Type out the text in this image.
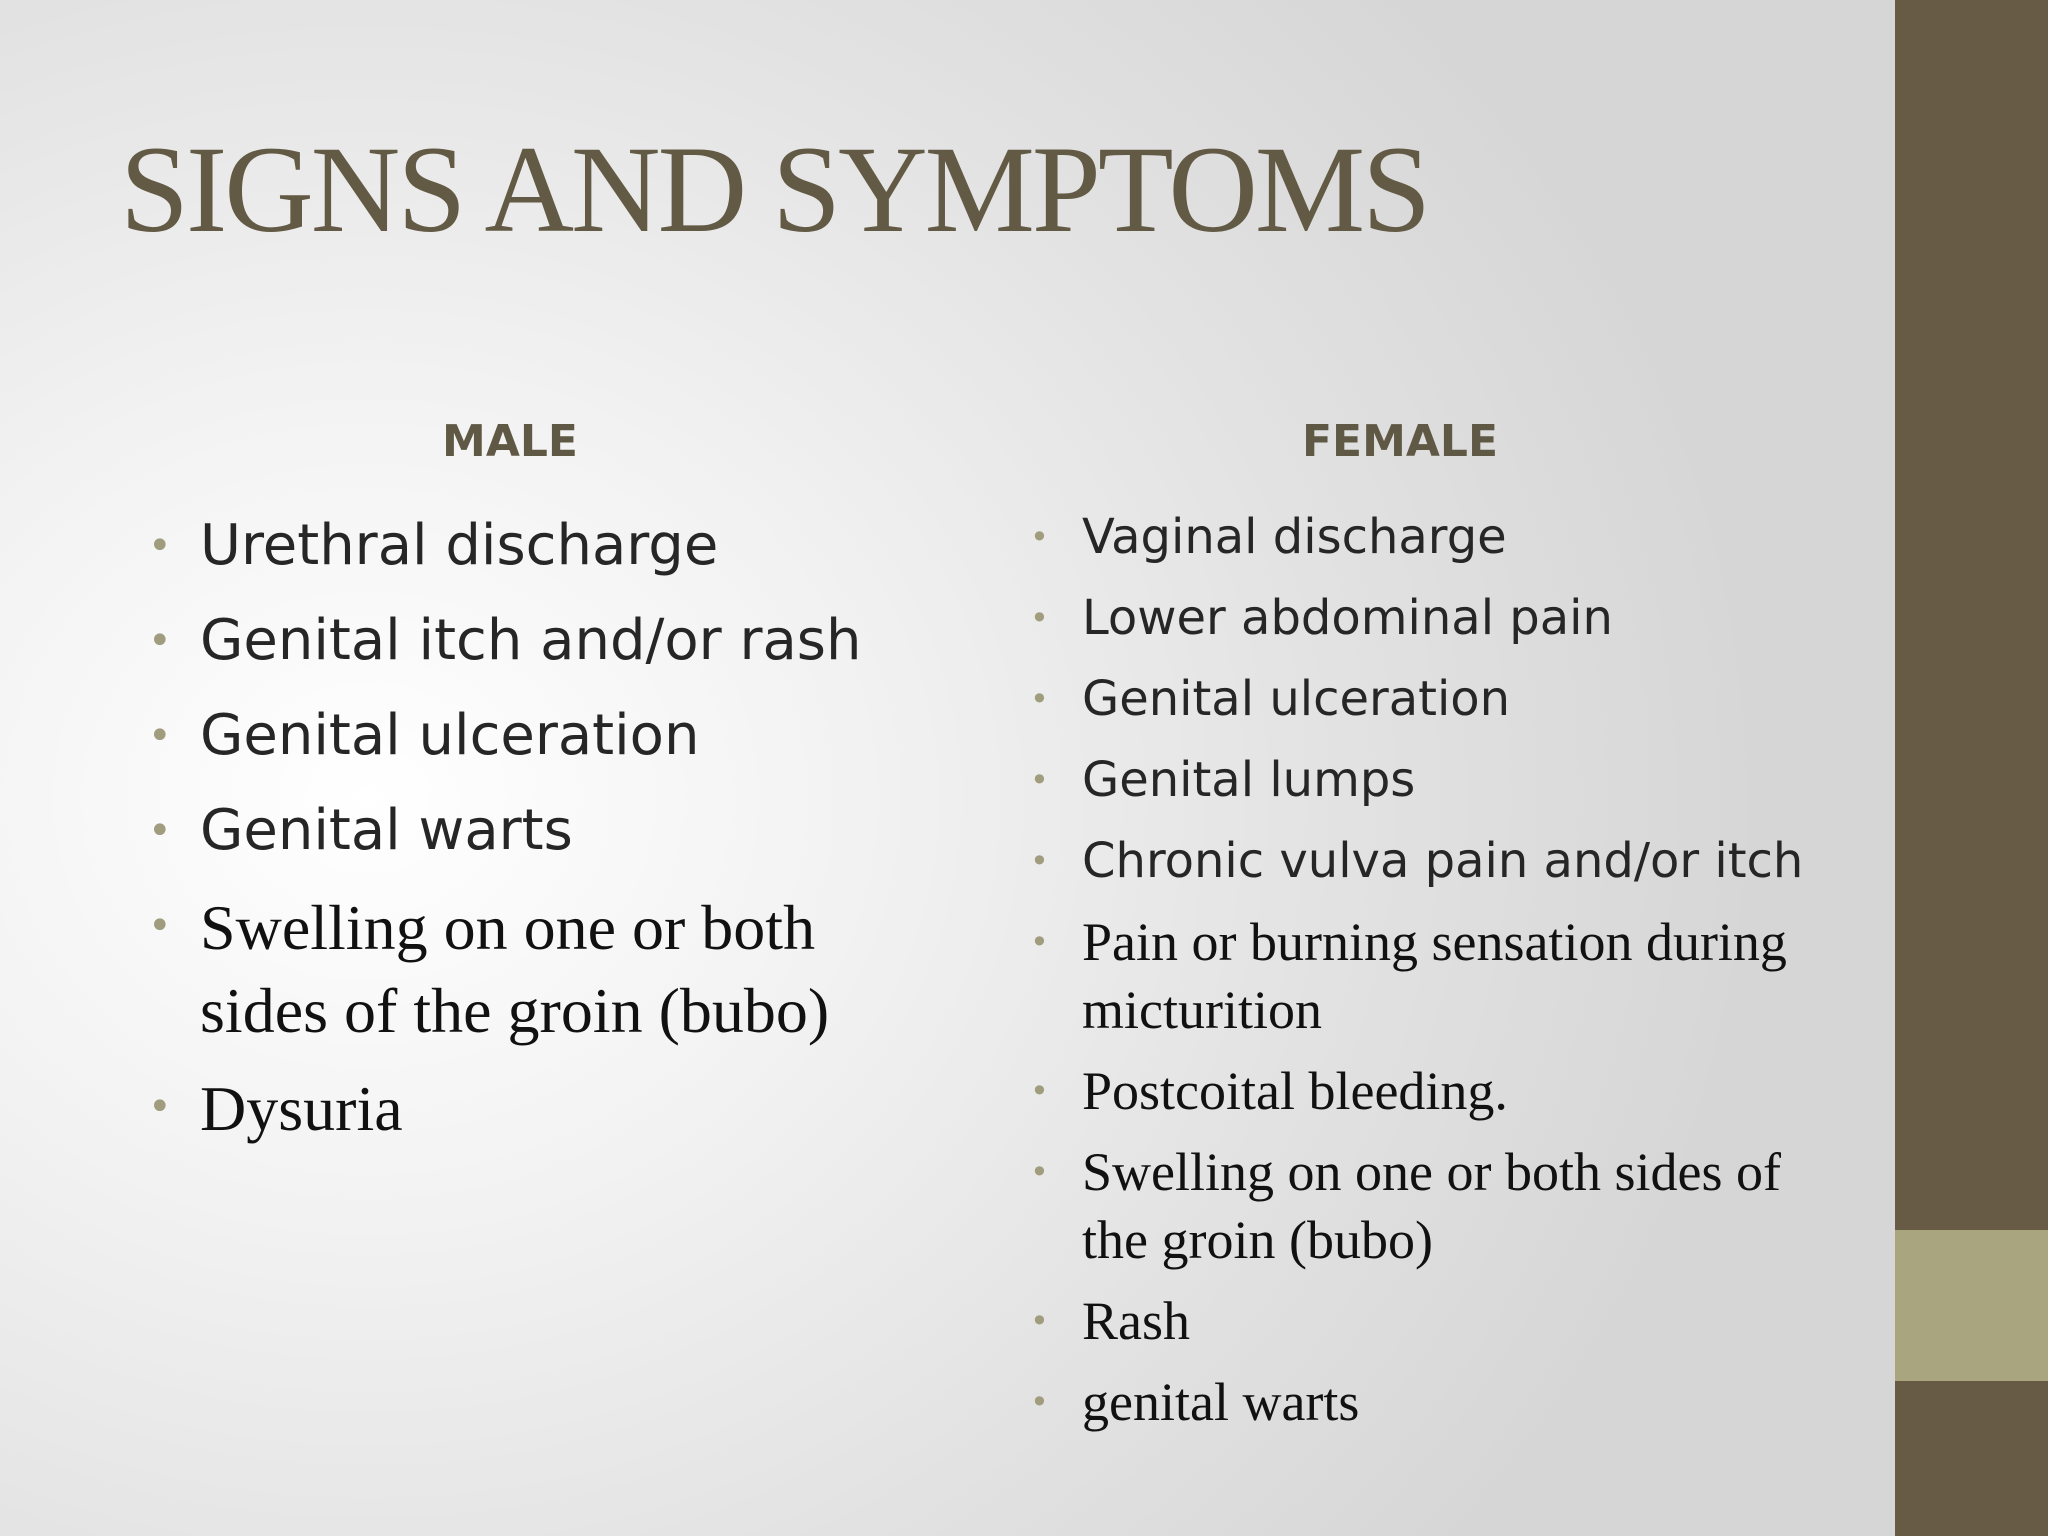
SIGNS AND SYMPTOMS
MALE	FEMALE
• Urethral discharge
• Genital itch and/or rash
• Genital ulceration
• Genital warts
• Swelling on one or both sides of the groin (bubo)
• Dysuria
• Vaginal discharge
• Lower abdominal pain
• Genital ulceration
• Genital lumps
• Chronic vulva pain and/or itch
• Pain or burning sensation during micturition
• Postcoital bleeding.
• Swelling on one or both sides of the groin (bubo)
• Rash
• genital warts
